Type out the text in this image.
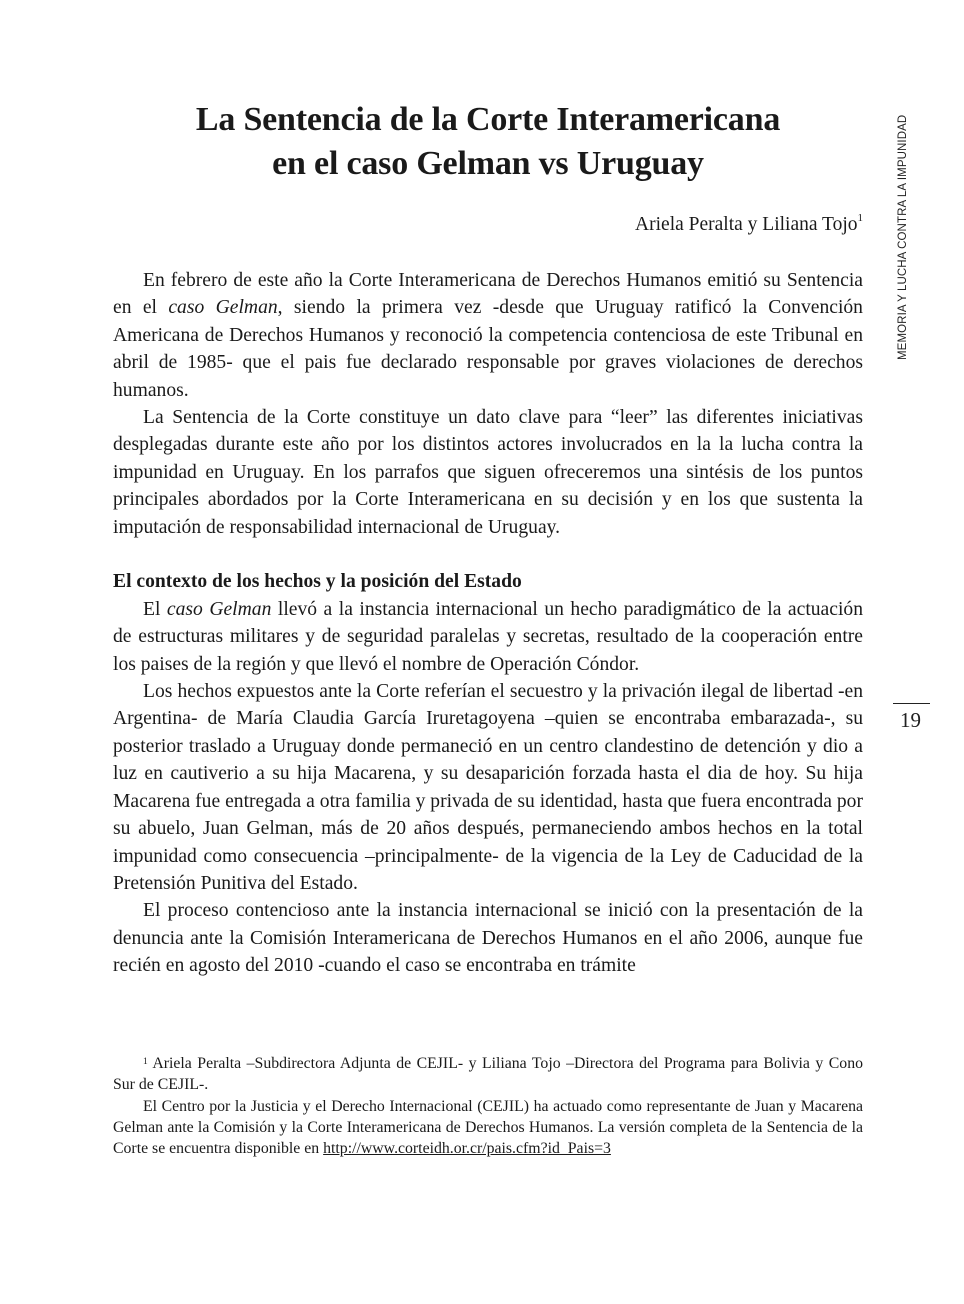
MEMORIA Y LUCHA CONTRA LA IMPUNIDAD
19
La Sentencia de la Corte Interamericana
en el caso Gelman vs Uruguay
Ariela Peralta y Liliana Tojo$^1$

En febrero de este año la Corte Interamericana de Derechos Humanos emitió su Sentencia en el caso Gelman, siendo la primera vez -desde que Uruguay ratificó la Convención Americana de Derechos Humanos y reconoció la competencia contenciosa de este Tribunal en abril de 1985- que el pais fue declarado responsable por graves violaciones de derechos humanos.

La Sentencia de la Corte constituye un dato clave para “leer” las diferentes iniciativas desplegadas durante este año por los distintos actores involucrados en la la lucha contra la impunidad en Uruguay. En los parrafos que siguen ofreceremos una sintésis de los puntos principales abordados por la Corte Interamericana en su decisión y en los que sustenta la imputación de responsabilidad internacional de Uruguay.

El contexto de los hechos y la posición del Estado

El caso Gelman llevó a la instancia internacional un hecho paradigmático de la actuación de estructuras militares y de seguridad paralelas y secretas, resultado de la cooperación entre los paises de la región y que llevó el nombre de Operación Cóndor.

Los hechos expuestos ante la Corte referían el secuestro y la privación ilegal de libertad -en Argentina- de María Claudia García Iruretagoyena –quien se encontraba embarazada-, su posterior traslado a Uruguay donde permaneció en un centro clandestino de detención y dio a luz en cautiverio a su hija Macarena, y su desaparición forzada hasta el dia de hoy. Su hija Macarena fue entregada a otra familia y privada de su identidad, hasta que fuera encontrada por su abuelo, Juan Gelman, más de 20 años después, permaneciendo ambos hechos en la total impunidad como consecuencia –principalmente- de la vigencia de la Ley de Caducidad de la Pretensión Punitiva del Estado.

El proceso contencioso ante la instancia internacional se inició con la presentación de la denuncia ante la Comisión Interamericana de Derechos Humanos en el año 2006, aunque fue recién en agosto del 2010 -cuando el caso se encontraba en trámite

$^1$ Ariela Peralta –Subdirectora Adjunta de CEJIL- y Liliana Tojo –Directora del Programa para Bolivia y Cono Sur de CEJIL-.

El Centro por la Justicia y el Derecho Internacional (CEJIL) ha actuado como representante de Juan y Macarena Gelman ante la Comisión y la Corte Interamericana de Derechos Humanos. La versión completa de la Sentencia de la Corte se encuentra disponible en http://www.corteidh.or.cr/pais.cfm?id_Pais=3
